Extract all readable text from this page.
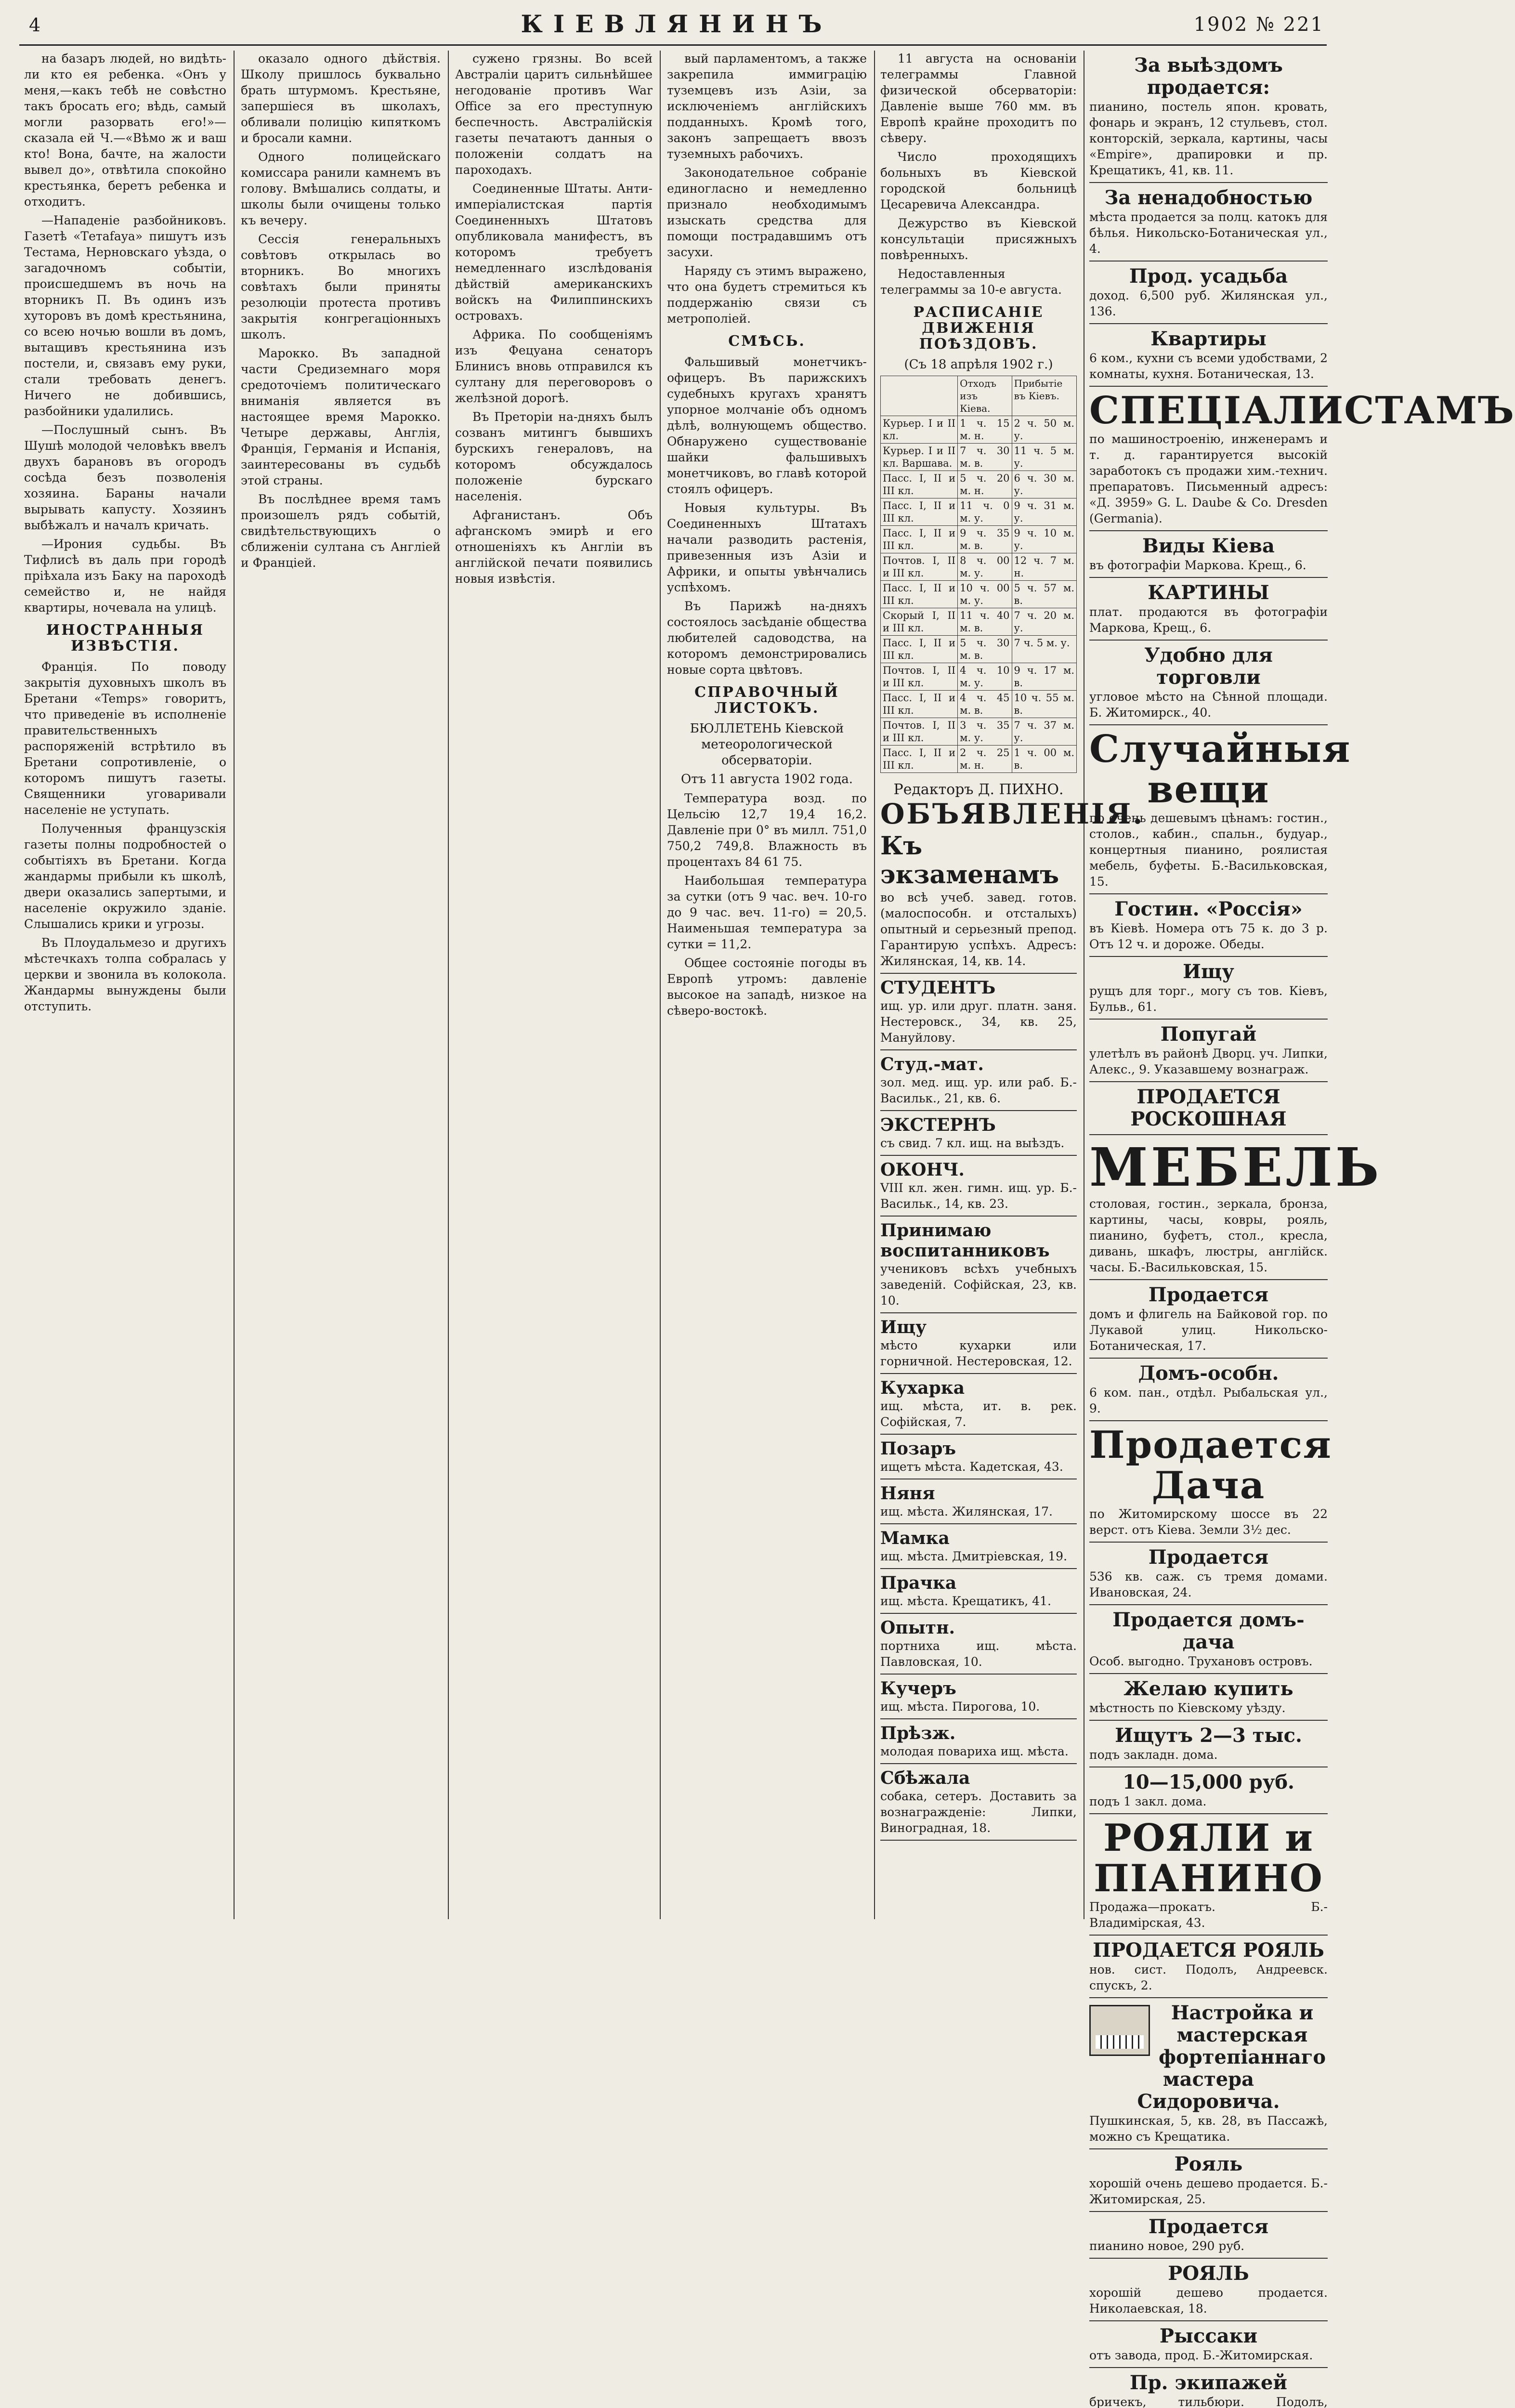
4	КІЕВЛЯНИНЪ	1902 № 221

на базаръ людей, но видѣть-ли кто ея ребенка. «Онъ у меня,—какъ тебѣ не совѣстно такъ бросать его; вѣдь, самый могли разорвать его!»—сказала ей Ч.—«Вѣмо ж и ваш кто! Вона, бачте, на жалости вывел до», отвѣтила спокойно крестьянка, беретъ ребенка и отходитъ.

—Нападеніе разбойниковъ. Газетѣ «Тетаfaya» пишутъ изъ Тестама, Нерновскаго уѣзда, о загадочномъ событіи, происшедшемъ въ ночь на вторникъ П. Въ одинъ изъ хуторовъ въ домѣ крестьянина, со всею ночью вошли въ домъ, вытащивъ крестьянина изъ постели, и, связавъ ему руки, стали требовать денегъ. Ничего не добившись, разбойники удалились.

—Послушный сынъ. Въ Шушѣ молодой человѣкъ ввелъ двухъ барановъ въ огородъ сосѣда безъ позволенія хозяина. Бараны начали вырывать капусту. Хозяинъ выбѣжалъ и началъ кричать.

—Ирония судьбы. Въ Тифлисѣ въ даль при городѣ пріѣхала изъ Баку на пароходѣ семейство и, не найдя квартиры, ночевала на улицѣ.

ИНОСТРАННЫЯ ИЗВѢСТІЯ.

Франція. По поводу закрытія духовныхъ школъ въ Бретани «Temps» говоритъ, что приведеніе въ исполненіе правительственныхъ распоряженій встрѣтило въ Бретани сопротивленіе, о которомъ пишутъ газеты. Священники уговаривали населеніе не уступать.

Полученныя французскія газеты полны подробностей о событіяхъ въ Бретани. Когда жандармы прибыли къ школѣ, двери оказались запертыми, и населеніе окружило зданіе. Слышались крики и угрозы.

Въ Плоудальмезо и другихъ мѣстечкахъ толпа собралась у церкви и звонила въ колокола. Жандармы вынуждены были отступить.

оказало одного дѣйствія. Школу пришлось буквально брать штурмомъ. Крестьяне, запершіеся въ школахъ, обливали полицію кипяткомъ и бросали камни.

Одного полицейскаго комиссара ранили камнемъ въ голову. Вмѣшались солдаты, и школы были очищены только къ вечеру.

Сессія генеральныхъ совѣтовъ открылась во вторникъ. Во многихъ совѣтахъ были приняты резолюціи протеста противъ закрытія конгрегаціонныхъ школъ.

Марокко. Въ западной части Средиземнаго моря средоточіемъ политическаго вниманія является въ настоящее время Марокко. Четыре державы, Англія, Франція, Германія и Испанія, заинтересованы въ судьбѣ этой страны.

Въ послѣднее время тамъ произошелъ рядъ событій, свидѣтельствующихъ о сближеніи султана съ Англіей и Франціей.

сужено грязны. Во всей Австраліи царитъ сильнѣйшее негодованіе противъ War Office за его преступную беспечность. Австралійскія газеты печатаютъ данныя о положеніи солдатъ на пароходахъ.

Соединенные Штаты. Анти-имперіалистская партія Соединенныхъ Штатовъ опубликовала манифестъ, въ которомъ требуетъ немедленнаго изслѣдованія дѣйствій американскихъ войскъ на Филиппинскихъ островахъ.

Африка. По сообщеніямъ изъ Фецуана сенаторъ Блинисъ вновь отправился къ султану для переговоровъ о желѣзной дорогѣ.

Въ Преторіи на-дняхъ былъ созванъ митингъ бывшихъ бурскихъ генераловъ, на которомъ обсуждалось положеніе бурскаго населенія.

Афганистанъ. Объ афганскомъ эмирѣ и его отношеніяхъ къ Англіи въ англійской печати появились новыя извѣстія.

вый парламентомъ, а также закрепила иммиграцію туземцевъ изъ Азіи, за исключеніемъ англійскихъ подданныхъ. Кромѣ того, законъ запрещаетъ ввозъ туземныхъ рабочихъ.

Законодательное собраніе единогласно и немедленно признало необходимымъ изыскать средства для помощи пострадавшимъ отъ засухи.

Наряду съ этимъ выражено, что она будетъ стремиться къ поддержанію связи съ метрополіей.

СМѢСЬ.

Фальшивый монетчикъ-офицеръ. Въ парижскихъ судебныхъ кругахъ хранятъ упорное молчаніе объ одномъ дѣлѣ, волнующемъ общество. Обнаружено существованіе шайки фальшивыхъ монетчиковъ, во главѣ которой стоялъ офицеръ.

Новыя культуры. Въ Соединенныхъ Штатахъ начали разводить растенія, привезенныя изъ Азіи и Африки, и опыты увѣнчались успѣхомъ.

Въ Парижѣ на-дняхъ состоялось засѣданіе общества любителей садоводства, на которомъ демонстрировались новые сорта цвѣтовъ.

СПРАВОЧНЫЙ ЛИСТОКЪ.
БЮЛЛЕТЕНЬ Кіевской метеорологической обсерваторіи.
Отъ 11 августа 1902 года.

Температура возд. по Цельсію 12,7 19,4 16,2. Давленіе при 0° въ милл. 751,0 750,2 749,8. Влажность въ процентахъ 84 61 75.

Наибольшая температура за сутки (отъ 9 час. веч. 10-го до 9 час. веч. 11-го) = 20,5. Наименьшая температура за сутки = 11,2.

Общее состояніе погоды въ Европѣ утромъ: давленіе высокое на западѣ, низкое на сѣверо-востокѣ.

11 августа на основаніи телеграммы Главной физической обсерваторіи: Давленіе выше 760 мм. въ Европѣ крайне проходитъ по сѣверу.

Число проходящихъ больныхъ въ Кіевской городской больницѣ Цесаревича Александра.

Дежурство въ Кіевской консультаціи присяжныхъ повѣренныхъ.

Недоставленныя телеграммы за 10-е августа.

РАСПИСАНІЕ ДВИЖЕНІЯ ПОѢЗДОВЪ.
(Съ 18 апрѣля 1902 г.)
	Отходъ изъ Кіева.	Прибытіе въ Кіевъ.
Курьер. I и II кл.	1 ч. 15 м. н.	2 ч. 50 м. у.
Курьер. I и II кл. Варшава.	7 ч. 30 м. в.	11 ч. 5 м. у.
Пасс. I, II и III кл.	5 ч. 20 м. н.	6 ч. 30 м. у.
Пасс. I, II и III кл.	11 ч. 0 м. у.	9 ч. 31 м. у.
Пасс. I, II и III кл.	9 ч. 35 м. в.	9 ч. 10 м. у.
Почтов. I, II и III кл.	8 ч. 00 м. у.	12 ч. 7 м. н.
Пасс. I, II и III кл.	10 ч. 00 м. у.	5 ч. 57 м. в.
Скорый I, II и III кл.	11 ч. 40 м. в.	7 ч. 20 м. у.
Пасс. I, II и III кл.	5 ч. 30 м. в.	7 ч. 5 м. у.
Почтов. I, II и III кл.	4 ч. 10 м. у.	9 ч. 17 м. в.
Пасс. I, II и III кл.	4 ч. 45 м. в.	10 ч. 55 м. в.
Почтов. I, II и III кл.	3 ч. 35 м. у.	7 ч. 37 м. у.
Пасс. I, II и III кл.	2 ч. 25 м. н.	1 ч. 00 м. в.
Редакторъ Д. ПИХНО.
ОБЪЯВЛЕНІЯ.
Къ экзаменамъ
во всѣ учеб. завед. готов. (малоспособн. и отсталыхъ) опытный и серьезный препод. Гарантирую успѣхъ. Адресъ: Жилянская, 14, кв. 14.
СТУДЕНТЪ
ищ. ур. или друг. платн. заня. Нестеровск., 34, кв. 25, Мануйлову.
Студ.-мат.
зол. мед. ищ. ур. или раб. Б.-Васильк., 21, кв. 6.
ЭКСТЕРНЪ
съ свид. 7 кл. ищ. на выѣздъ.
ОКОНЧ.
VIII кл. жен. гимн. ищ. ур. Б.-Васильк., 14, кв. 23.
Принимаю воспитанниковъ
учениковъ всѣхъ учебныхъ заведеній. Софійская, 23, кв. 10.
Ищу
мѣсто кухарки или горничной. Нестеровская, 12.
Кухарка
ищ. мѣста, ит. в. рек. Софійская, 7.
Позаръ
ищетъ мѣста. Кадетская, 43.
Няня
ищ. мѣста. Жилянская, 17.
Мамка
ищ. мѣста. Дмитріевская, 19.
Прачка
ищ. мѣста. Крещатикъ, 41.
Опытн.
портниха ищ. мѣста. Павловская, 10.
Кучеръ
ищ. мѣста. Пирогова, 10.
Прѣзж.
молодая повариха ищ. мѣста.
Сбѣжала
собака, сетеръ. Доставить за вознагражденіе: Липки, Виноградная, 18.
За выѣздомъ продается:
пианино, постель япон. кровать, фонарь и экранъ, 12 стульевъ, стол. конторскій, зеркала, картины, часы «Empire», драпировки и пр. Крещатикъ, 41, кв. 11.
За ненадобностью
мѣста продается за полц. катокъ для бѣлья. Никольско-Ботаническая ул., 4.
Прод. усадьба
доход. 6,500 руб. Жилянская ул., 136.
Квартиры
6 ком., кухни съ всеми удобствами, 2 комнаты, кухня. Ботаническая, 13.
СПЕЦІАЛИСТАМЪ
по машиностроенію, инженерамъ и т. д. гарантируется высокій заработокъ съ продажи хим.-технич. препаратовъ. Письменный адресъ: «Д. 3959» G. L. Daube & Co. Dresden (Germania).
Виды Кіева
въ фотографіи Маркова. Крещ., 6.
КАРТИНЫ
плат. продаются въ фотографіи Маркова, Крещ., 6.
Удобно для торговли
угловое мѣсто на Сѣнной площади. Б. Житомирск., 40.
Случайныя вещи
по очень дешевымъ цѣнамъ: гостин., столов., кабин., спальн., будуар., концертныя пианино, роялистая мебель, буфеты. Б.-Васильковская, 15.
Гостин. «Россія»
въ Кіевѣ. Номера отъ 75 к. до 3 р. Отъ 12 ч. и дороже. Обеды.
Ищу
рущъ для торг., могу съ тов. Кіевъ, Бульв., 61.
Попугай
улетѣлъ въ районѣ Дворц. уч. Липки, Алекс., 9. Указавшему вознаграж.
ПРОДАЕТСЯ РОСКОШНАЯ
МЕБЕЛЬ
столовая, гостин., зеркала, бронза, картины, часы, ковры, рояль, пианино, буфетъ, стол., кресла, дивань, шкафъ, люстры, англійск. часы. Б.-Васильковская, 15.
Продается
домъ и флигель на Байковой гор. по Лукавой улиц. Никольско-Ботаническая, 17.
Домъ-особн.
6 ком. пан., отдѣл. Рыбальская ул., 9.
Продается Дача
по Житомирскому шоссе въ 22 верст. отъ Кіева. Земли 3½ дес.
Продается
536 кв. саж. съ тремя домами. Ивановская, 24.
Продается домъ-дача
Особ. выгодно. Трухановъ островъ.
Желаю купить
мѣстность по Кіевскому уѣзду.
Ищутъ 2—3 тыс.
подъ закладн. дома.
10—15,000 руб.
подъ 1 закл. дома.
РОЯЛИ и ПІАНИНО
Продажа—прокатъ. Б.-Владимірская, 43.
ПРОДАЕТСЯ РОЯЛЬ
нов. сист. Подолъ, Андреевск. спускъ, 2.
Настройка и мастерская фортепіаннаго мастера Сидоровича.
Пушкинская, 5, кв. 28, въ Пассажѣ, можно съ Крещатика.
Рояль
хорошій очень дешево продается. Б.-Житомирская, 25.
Продается
пианино новое, 290 руб.
РОЯЛЬ
хорошій дешево продается. Николаевская, 18.
Рыссаки
отъ завода, прод. Б.-Житомирская.
Пр. экипажей
бричекъ, тильбюри. Подолъ,
